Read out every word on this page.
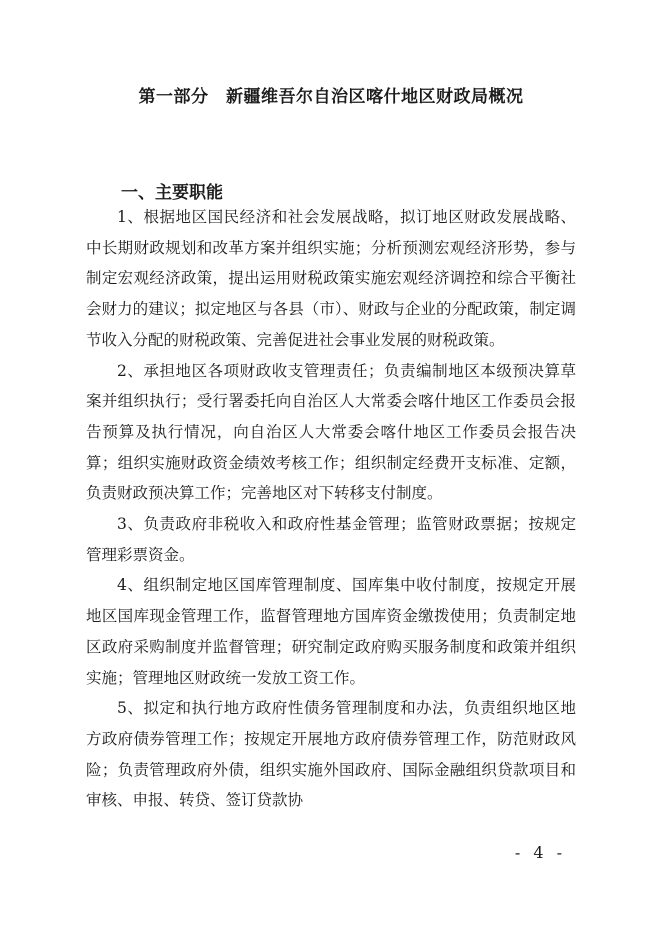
第一部分　新疆维吾尔自治区喀什地区财政局概况
一、主要职能

1、根据地区国民经济和社会发展战略，拟订地区财政发展战略、中长期财政规划和改革方案并组织实施；分析预测宏观经济形势，参与制定宏观经济政策，提出运用财税政策实施宏观经济调控和综合平衡社会财力的建议；拟定地区与各县（市）、财政与企业的分配政策，制定调节收入分配的财税政策、完善促进社会事业发展的财税政策。

2、承担地区各项财政收支管理责任；负责编制地区本级预决算草案并组织执行；受行署委托向自治区人大常委会喀什地区工作委员会报告预算及执行情况，向自治区人大常委会喀什地区工作委员会报告决算；组织实施财政资金绩效考核工作；组织制定经费开支标准、定额，负责财政预决算工作；完善地区对下转移支付制度。

3、负责政府非税收入和政府性基金管理；监管财政票据；按规定管理彩票资金。

4、组织制定地区国库管理制度、国库集中收付制度，按规定开展地区国库现金管理工作，监督管理地方国库资金缴拨使用；负责制定地区政府采购制度并监督管理；研究制定政府购买服务制度和政策并组织实施；管理地区财政统一发放工资工作。

5、拟定和执行地方政府性债务管理制度和办法，负责组织地区地方政府债券管理工作；按规定开展地方政府债券管理工作，防范财政风险；负责管理政府外债，组织实施外国政府、国际金融组织贷款项目和审核、申报、转贷、签订贷款协

- 4 -
